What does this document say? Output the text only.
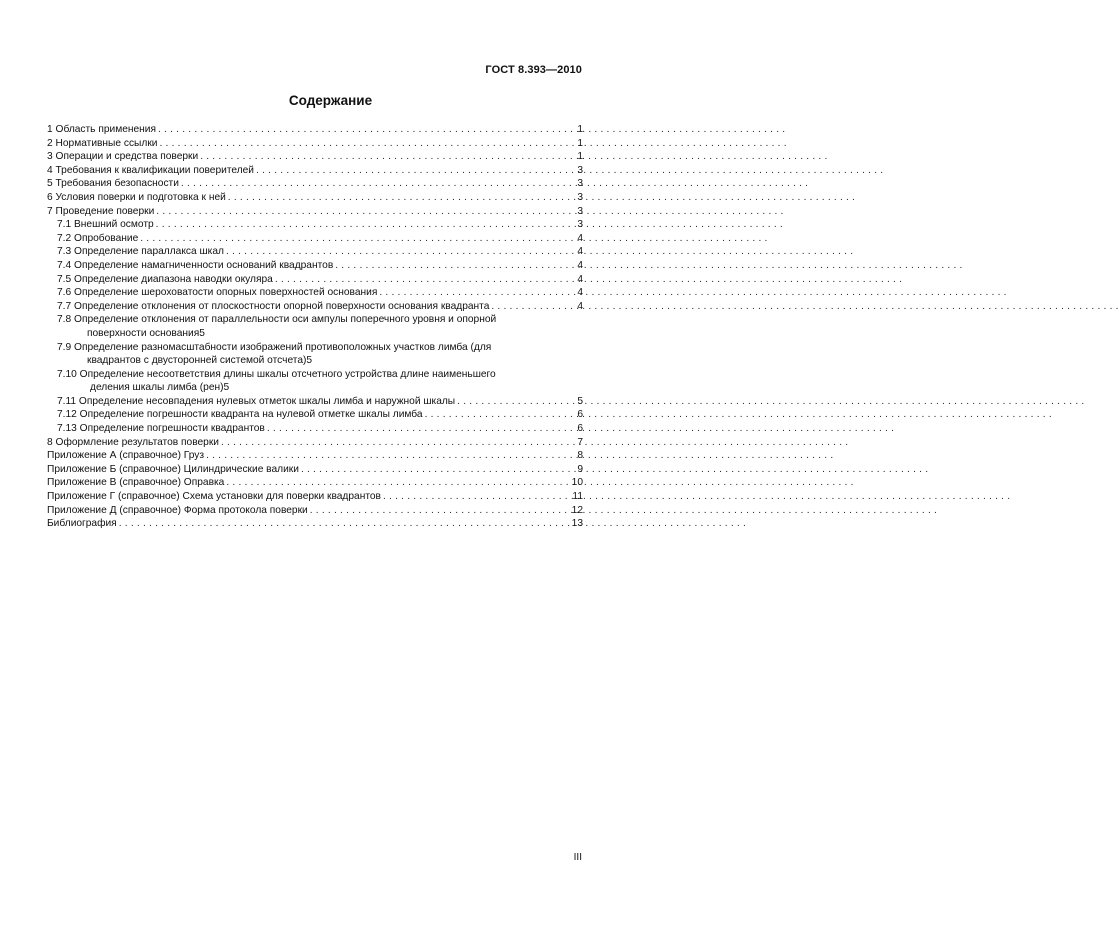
ГОСТ 8.393—2010
Содержание
1 Область применения . . .	1
2 Нормативные ссылки . . .	1
3 Операции и средства поверки . . .	1
4 Требования к квалификации поверителей . . .	3
5 Требования безопасности . . .	3
6 Условия поверки и подготовка к ней . . .	3
7 Проведение поверки . . .	3
7.1 Внешний осмотр . . .	3
7.2 Опробование . . .	4
7.3 Определение параллакса шкал . . .	4
7.4 Определение намагниченности оснований квадрантов . . .	4
7.5 Определение диапазона наводки окуляра . . .	4
7.6 Определение шероховатости опорных поверхностей основания . . .	4
7.7 Определение отклонения от плоскостности опорной поверхности основания квадранта . . .	4
7.8 Определение отклонения от параллельности оси ампулы поперечного уровня и опорной
поверхности основания 5
7.9 Определение разномасштабности изображений противоположных участков лимба (для
квадрантов с двусторонней системой отсчета) 5
7.10 Определение несоответствия длины шкалы отсчетного устройства длине наименьшего
деления шкалы лимба (рен) 5
7.11 Определение несовпадения нулевых отметок шкалы лимба и наружной шкалы . . .	5
7.12 Определение погрешности квадранта на нулевой отметке шкалы лимба . . .	6
7.13 Определение погрешности квадрантов . . .	6
8 Оформление результатов поверки . . .	7
Приложение А (справочное) Груз . . .	8
Приложение Б (справочное) Цилиндрические валики . . .	9
Приложение В (справочное) Оправка . . .	10
Приложение Г (справочное) Схема установки для поверки квадрантов . . .	11
Приложение Д (справочное) Форма протокола поверки . . .	12
Библиография . . .	13
III
